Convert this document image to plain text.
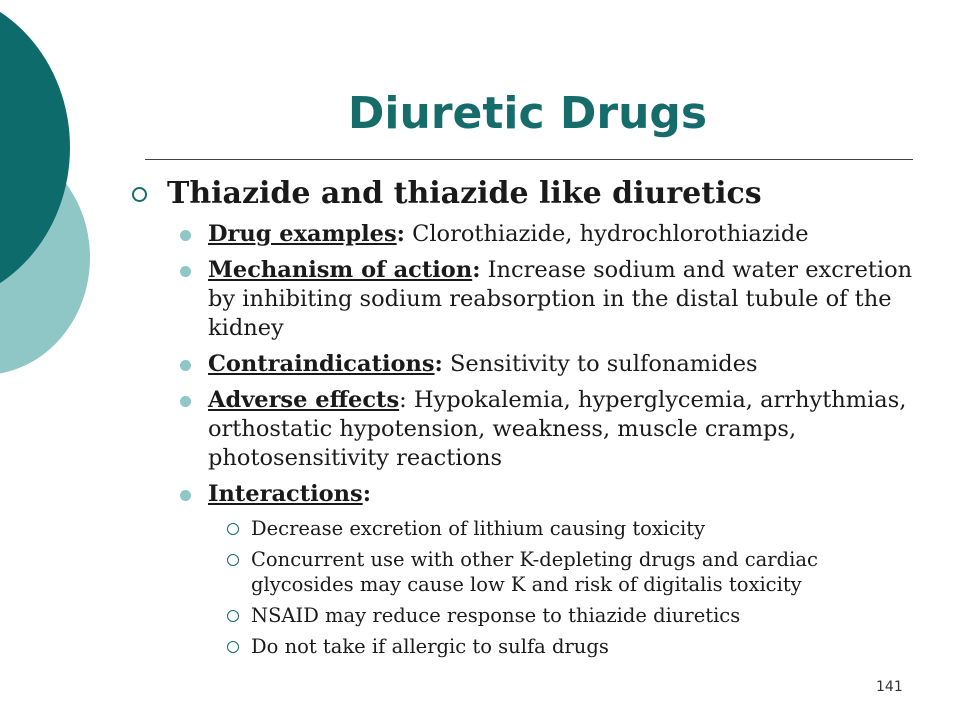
Diuretic Drugs
Thiazide and thiazide like diuretics
Drug examples: Clorothiazide, hydrochlorothiazide
Mechanism of action: Increase sodium and water excretion by inhibiting sodium reabsorption in the distal tubule of the kidney
Contraindications: Sensitivity to sulfonamides
Adverse effects: Hypokalemia, hyperglycemia, arrhythmias, orthostatic hypotension, weakness, muscle cramps, photosensitivity reactions
Interactions:
Decrease excretion of lithium causing toxicity
Concurrent use with other K-depleting drugs and cardiac glycosides may cause low K and risk of digitalis toxicity
NSAID may reduce response to thiazide diuretics
Do not take if allergic to sulfa drugs
141
